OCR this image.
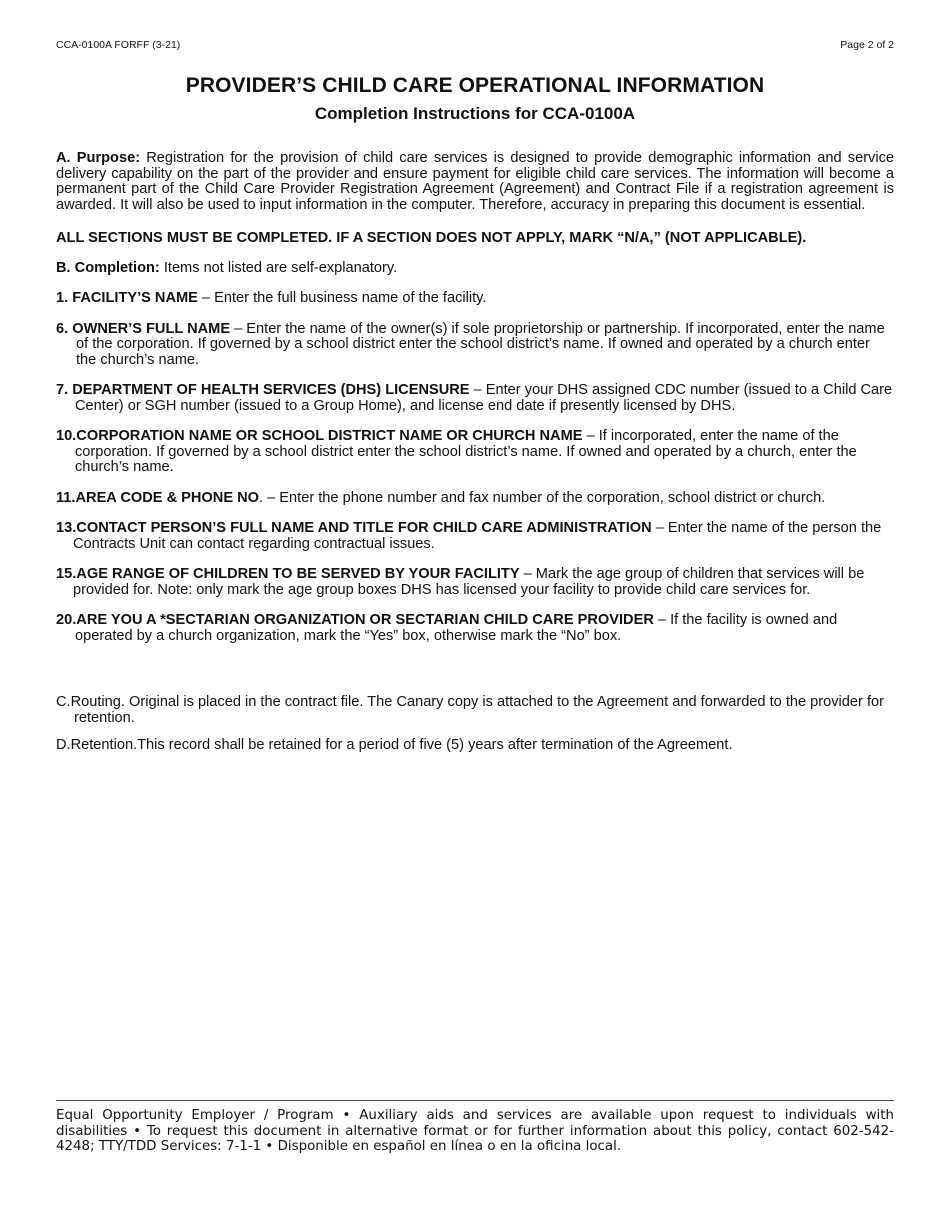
CCA-0100A FORFF (3-21)	Page 2 of 2
PROVIDER’S CHILD CARE OPERATIONAL INFORMATION
Completion Instructions for CCA-0100A

A. Purpose: Registration for the provision of child care services is designed to provide demographic information and service delivery capability on the part of the provider and ensure payment for eligible child care services. The information will become a permanent part of the Child Care Provider Registration Agreement (Agreement) and Contract File if a registration agreement is awarded. It will also be used to input information in the computer. Therefore, accuracy in preparing this document is essential.

ALL SECTIONS MUST BE COMPLETED. IF A SECTION DOES NOT APPLY, MARK “N/A,” (NOT APPLICABLE).

B. Completion: Items not listed are self-explanatory.

1. FACILITY’S NAME – Enter the full business name of the facility.

6. OWNER’S FULL NAME – Enter the name of the owner(s) if sole proprietorship or partnership. If incorporated, enter the name of the corporation. If governed by a school district enter the school district’s name. If owned and operated by a church enter the church’s name.

7. DEPARTMENT OF HEALTH SERVICES (DHS) LICENSURE – Enter your DHS assigned CDC number (issued to a Child Care Center) or SGH number (issued to a Group Home), and license end date if presently licensed by DHS.

10.CORPORATION NAME OR SCHOOL DISTRICT NAME OR CHURCH NAME – If incorporated, enter the name of the corporation. If governed by a school district enter the school district’s name. If owned and operated by a church, enter the church’s name.

11.AREA CODE & PHONE NO. – Enter the phone number and fax number of the corporation, school district or church.

13.CONTACT PERSON’S FULL NAME AND TITLE FOR CHILD CARE ADMINISTRATION – Enter the name of the person the Contracts Unit can contact regarding contractual issues.

15.AGE RANGE OF CHILDREN TO BE SERVED BY YOUR FACILITY – Mark the age group of children that services will be provided for. Note: only mark the age group boxes DHS has licensed your facility to provide child care services for.

20.ARE YOU A *SECTARIAN ORGANIZATION OR SECTARIAN CHILD CARE PROVIDER – If the facility is owned and operated by a church organization, mark the “Yes” box, otherwise mark the “No” box.

C.Routing. Original is placed in the contract file. The Canary copy is attached to the Agreement and forwarded to the provider for retention.

D.Retention.This record shall be retained for a period of five (5) years after termination of the Agreement.

Equal Opportunity Employer / Program • Auxiliary aids and services are available upon request to individuals with disabilities • To request this document in alternative format or for further information about this policy, contact 602-542-4248; TTY/TDD Services: 7-1-1 • Disponible en español en línea o en la oficina local.
